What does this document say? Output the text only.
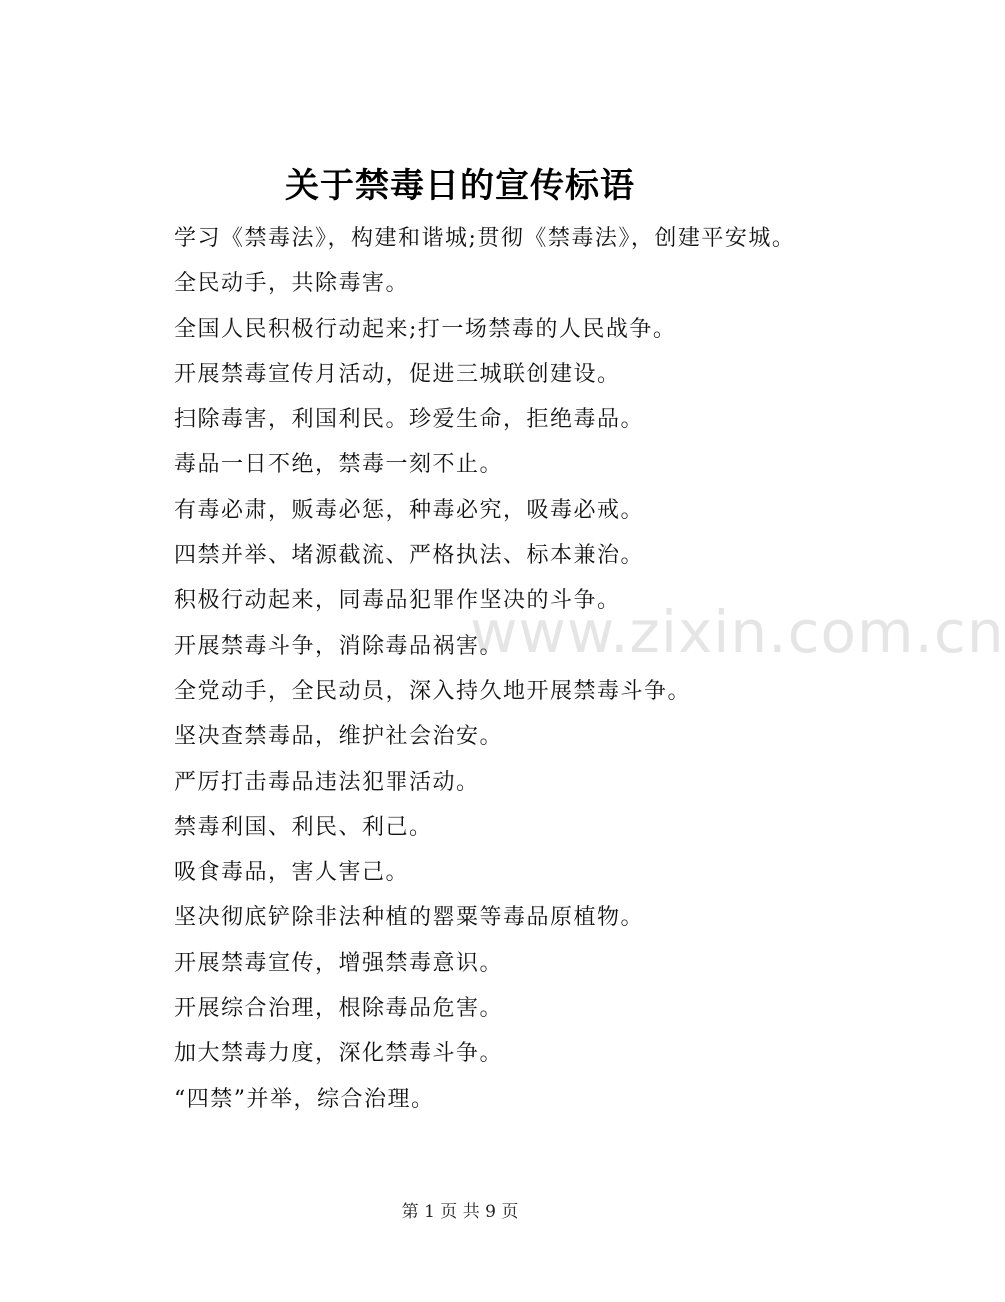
关于禁毒日的宣传标语
学习《禁毒法》，构建和谐城;贯彻《禁毒法》，创建平安城。
全民动手，共除毒害。
全国人民积极行动起来;打一场禁毒的人民战争。
开展禁毒宣传月活动，促进三城联创建设。
扫除毒害，利国利民。珍爱生命，拒绝毒品。
毒品一日不绝，禁毒一刻不止。
有毒必肃，贩毒必惩，种毒必究，吸毒必戒。
四禁并举、堵源截流、严格执法、标本兼治。
积极行动起来，同毒品犯罪作坚决的斗争。
开展禁毒斗争，消除毒品祸害。
全党动手，全民动员，深入持久地开展禁毒斗争。
坚决查禁毒品，维护社会治安。
严厉打击毒品违法犯罪活动。
禁毒利国、利民、利己。
吸食毒品，害人害己。
坚决彻底铲除非法种植的罂粟等毒品原植物。
开展禁毒宣传，增强禁毒意识。
开展综合治理，根除毒品危害。
加大禁毒力度，深化禁毒斗争。
“四禁”并举，综合治理。
www.zixin.com.cn
第 1 页 共 9 页
